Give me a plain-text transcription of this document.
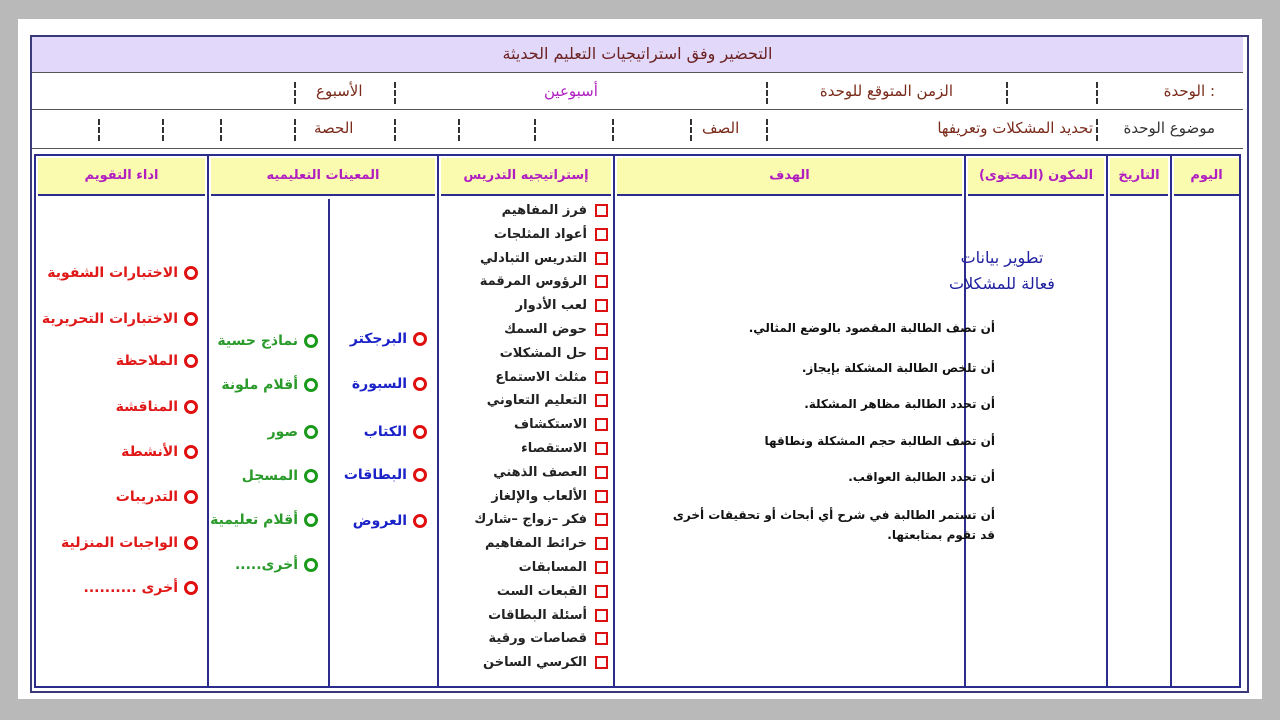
التحضير وفق استراتيجيات التعليم الحديثة
الوحدة :
الزمن المتوقع للوحدة
أسبوعين
الأسبوع
موضوع الوحدة
تحديد المشكلات وتعريفها
الصف
الحصة
اليوم
التاريخ
المكون (المحتوى)
الهدف
إستراتيجيه التدريس
المعينات التعليميه
اداء التقويم
تطوير بيانات
فعالة للمشكلات
أن تصف الطالبة المقصود بالوضع المثالي.
أن تلخص الطالبة المشكلة بإيجاز.
أن تحدد الطالبة مظاهر المشكلة.
أن تصف الطالبة حجم المشكلة ونطاقها
أن تحدد الطالبة العواقب.
أن تستمر الطالبة في شرح أي أبحاث أو تحقيقات أخرى قد تقوم بمتابعتها.
فرز المفاهيم
أعواد المثلجات
التدريس التبادلي
الرؤوس المرقمة
لعب الأدوار
حوض السمك
حل المشكلات
مثلث الاستماع
التعليم التعاوني
الاستكشاف
الاستقصاء
العصف الذهني
الألعاب والإلغاز
فكر –زواج –شارك
خرائط المفاهيم
المسابقات
القبعات الست
أسئلة البطاقات
قصاصات ورقية
الكرسي الساخن
البرجكتر
السبورة
الكتاب
البطاقات
العروض
نماذج حسية
أقلام ملونة
صور
المسجل
أقلام تعليمية
أخرى.....
الاختبارات الشفوية
الاختبارات التحريرية
الملاحظة
المناقشة
الأنشطة
التدريبات
الواجبات المنزلية
أخرى ..........
